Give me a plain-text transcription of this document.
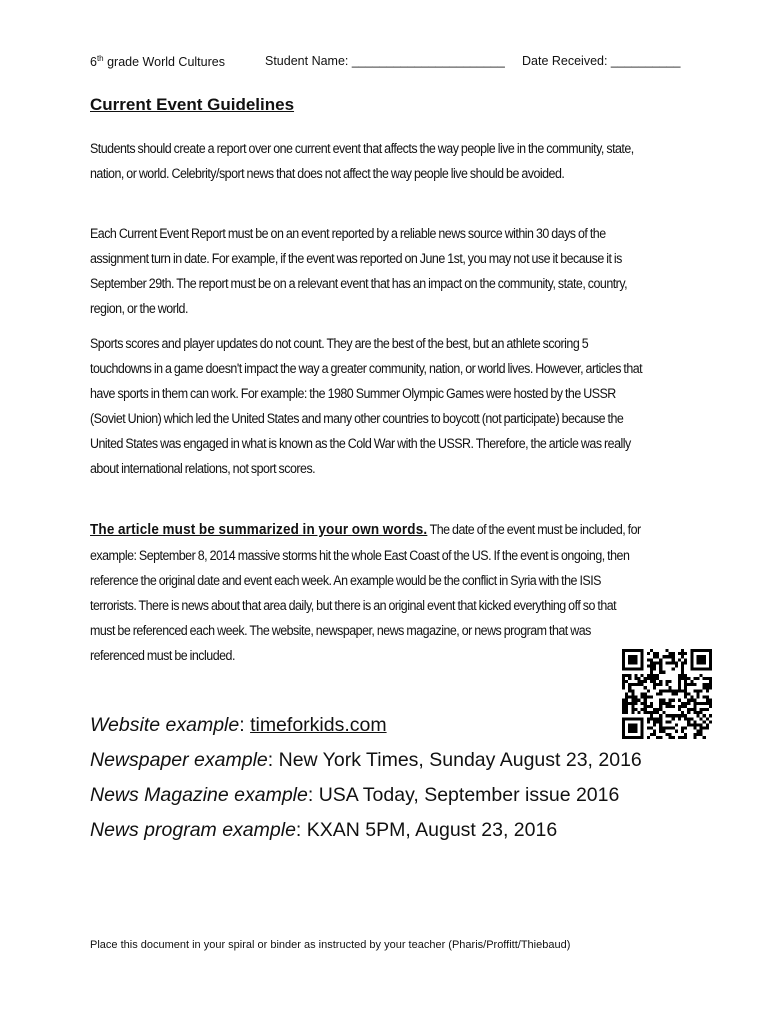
6th grade World Cultures	Student Name: ______________________ Date Received: __________
Current Event Guidelines

Students should create a report over one current event that affects the way people live in the community, state, nation, or world. Celebrity/sport news that does not affect the way people live should be avoided.

Each Current Event Report must be on an event reported by a reliable news source within 30 days of the assignment turn in date. For example, if the event was reported on June 1st, you may not use it because it is September 29th. The report must be on a relevant event that has an impact on the community, state, country, region, or the world.

Sports scores and player updates do not count. They are the best of the best, but an athlete scoring 5 touchdowns in a game doesn't impact the way a greater community, nation, or world lives. However, articles that have sports in them can work. For example: the 1980 Summer Olympic Games were hosted by the USSR (Soviet Union) which led the United States and many other countries to boycott (not participate) because the United States was engaged in what is known as the Cold War with the USSR. Therefore, the article was really about international relations, not sport scores.

The article must be summarized in your own words. The date of the event must be included, for example: September 8, 2014 massive storms hit the whole East Coast of the US. If the event is ongoing, then reference the original date and event each week. An example would be the conflict in Syria with the ISIS terrorists. There is news about that area daily, but there is an original event that kicked everything off so that must be referenced each week. The website, newspaper, news magazine, or news program that was referenced must be included.

Website example: timeforkids.com
Newspaper example: New York Times, Sunday August 23, 2016
News Magazine example: USA Today, September issue 2016
News program example: KXAN 5PM, August 23, 2016
Place this document in your spiral or binder as instructed by your teacher (Pharis/Proffitt/Thiebaud)
